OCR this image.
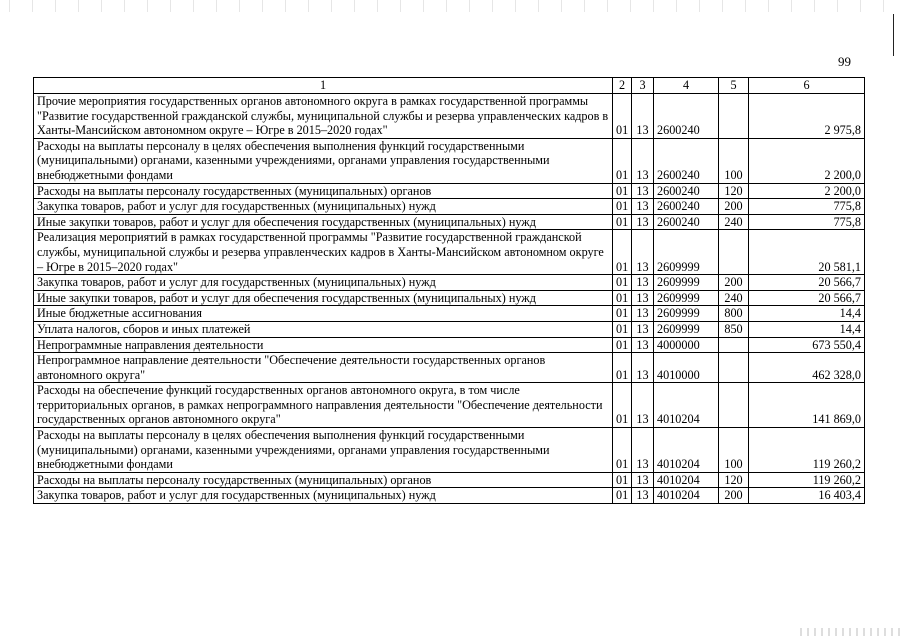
99
1	2	3	4	5	6
Прочие мероприятия государственных органов автономного округа в рамках государственной программы "Развитие государственной гражданской службы, муниципальной службы и резерва управленческих кадров в Ханты-Мансийском автономном округе – Югре в 2015–2020 годах"	01	13	2600240		2 975,8
Расходы на выплаты персоналу в целях обеспечения выполнения функций государственными (муниципальными) органами, казенными учреждениями, органами управления государственными внебюджетными фондами	01	13	2600240	100	2 200,0
Расходы на выплаты персоналу государственных (муниципальных) органов	01	13	2600240	120	2 200,0
Закупка товаров, работ и услуг для государственных (муниципальных) нужд	01	13	2600240	200	775,8
Иные закупки товаров, работ и услуг для обеспечения государственных (муниципальных) нужд	01	13	2600240	240	775,8
Реализация мероприятий в рамках государственной программы "Развитие государственной гражданской службы, муниципальной службы и резерва управленческих кадров в Ханты-Мансийском автономном округе – Югре в 2015–2020 годах"	01	13	2609999		20 581,1
Закупка товаров, работ и услуг для государственных (муниципальных) нужд	01	13	2609999	200	20 566,7
Иные закупки товаров, работ и услуг для обеспечения государственных (муниципальных) нужд	01	13	2609999	240	20 566,7
Иные бюджетные ассигнования	01	13	2609999	800	14,4
Уплата налогов, сборов и иных платежей	01	13	2609999	850	14,4
Непрограммные направления деятельности	01	13	4000000		673 550,4
Непрограммное направление деятельности "Обеспечение деятельности государственных органов автономного округа"	01	13	4010000		462 328,0
Расходы на обеспечение функций государственных органов автономного округа, в том числе территориальных органов, в рамках непрограммного направления деятельности "Обеспечение деятельности государственных органов автономного округа"	01	13	4010204		141 869,0
Расходы на выплаты персоналу в целях обеспечения выполнения функций государственными (муниципальными) органами, казенными учреждениями, органами управления государственными внебюджетными фондами	01	13	4010204	100	119 260,2
Расходы на выплаты персоналу государственных (муниципальных) органов	01	13	4010204	120	119 260,2
Закупка товаров, работ и услуг для государственных (муниципальных) нужд	01	13	4010204	200	16 403,4
